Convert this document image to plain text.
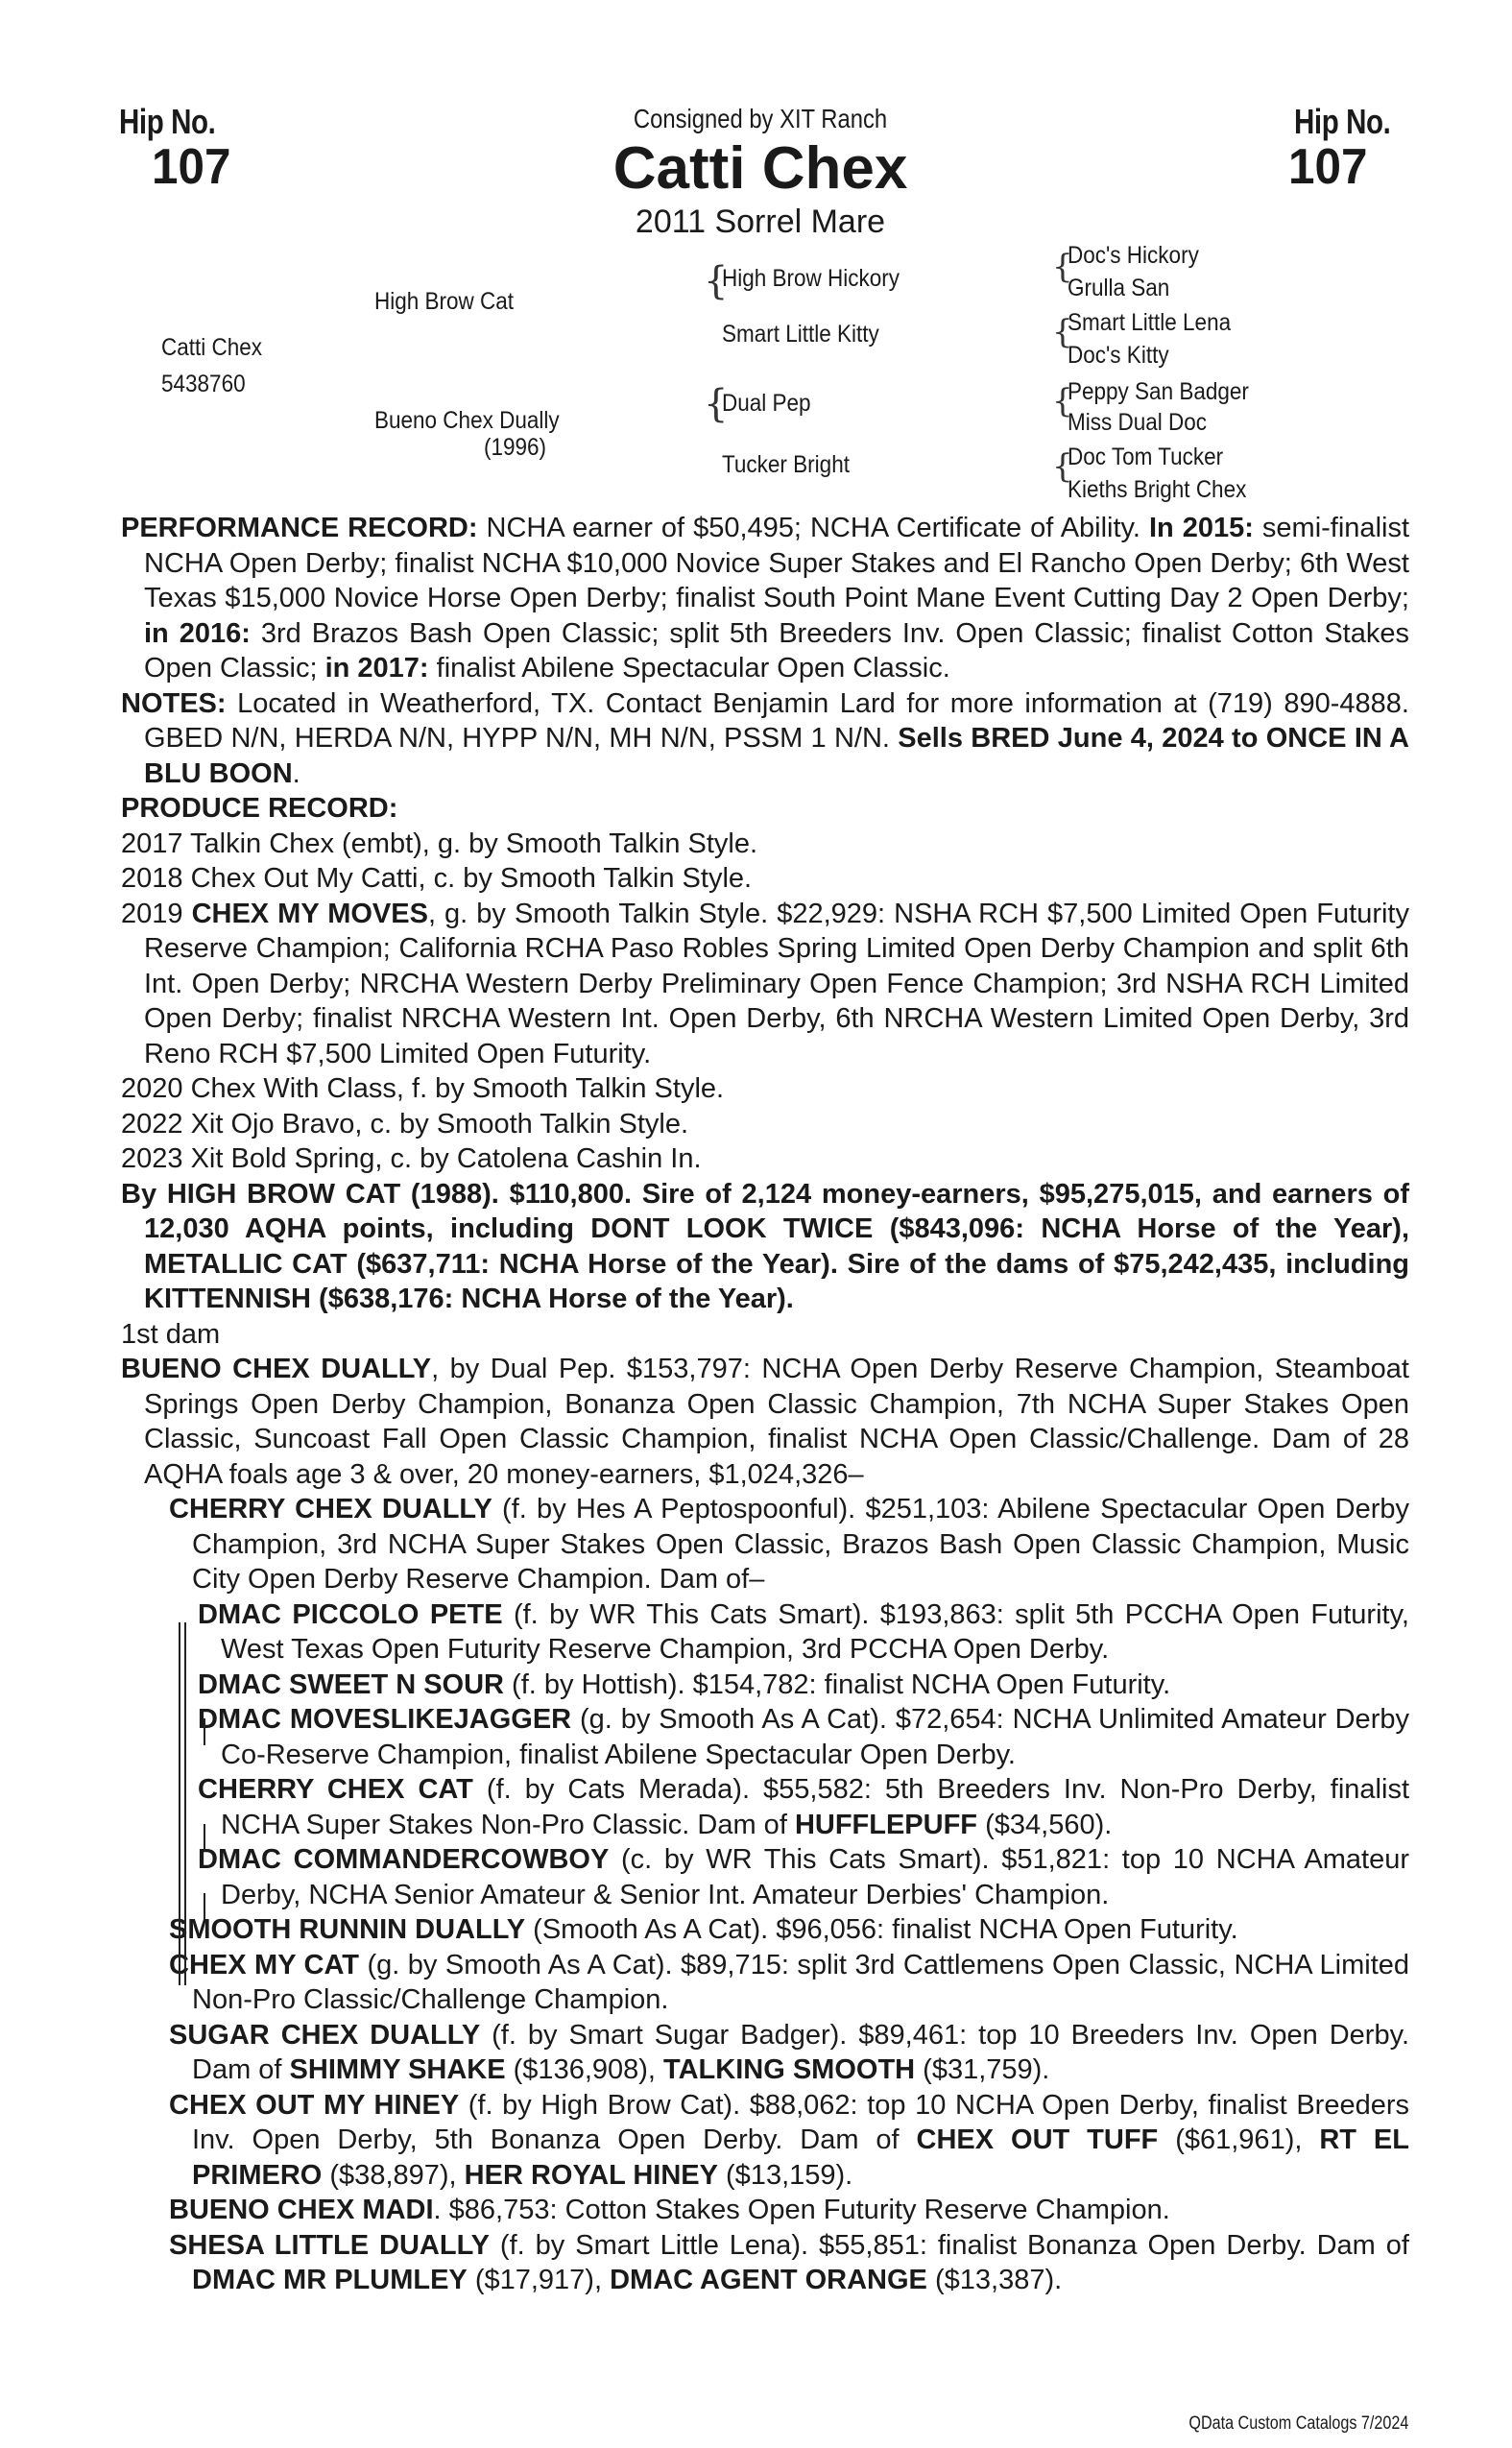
Hip No.
107
Hip No.
107
Consigned by XIT Ranch
Catti Chex
2011 Sorrel Mare
Catti Chex
5438760
High Brow Cat
Bueno Chex Dually
(1996)
{
High Brow Hickory
Smart Little Kitty
{
Dual Pep
Tucker Bright
{
Doc's Hickory
Grulla San
{
Smart Little Lena
Doc's Kitty
{
Peppy San Badger
Miss Dual Doc
{
Doc Tom Tucker
Kieths Bright Chex

PERFORMANCE RECORD: NCHA earner of $50,495; NCHA Certificate of Ability. In 2015: semi-finalist NCHA Open Derby; finalist NCHA $10,000 Novice Super Stakes and El Rancho Open Derby; 6th West Texas $15,000 Novice Horse Open Derby; finalist South Point Mane Event Cutting Day 2 Open Derby; in 2016: 3rd Brazos Bash Open Classic; split 5th Breeders Inv. Open Classic; finalist Cotton Stakes Open Classic; in 2017: finalist Abilene Spectacular Open Classic.

NOTES: Located in Weatherford, TX. Contact Benjamin Lard for more information at (719) 890-4888. GBED N/N, HERDA N/N, HYPP N/N, MH N/N, PSSM 1 N/N. Sells BRED June 4, 2024 to ONCE IN A BLU BOON.

PRODUCE RECORD:

2017 Talkin Chex (embt), g. by Smooth Talkin Style.

2018 Chex Out My Catti, c. by Smooth Talkin Style.

2019 CHEX MY MOVES, g. by Smooth Talkin Style. $22,929: NSHA RCH $7,500 Limited Open Futurity Reserve Champion; California RCHA Paso Robles Spring Limited Open Derby Champion and split 6th Int. Open Derby; NRCHA Western Derby Preliminary Open Fence Champion; 3rd NSHA RCH Limited Open Derby; finalist NRCHA Western Int. Open Derby, 6th NRCHA Western Limited Open Derby, 3rd Reno RCH $7,500 Limited Open Futurity.

2020 Chex With Class, f. by Smooth Talkin Style.

2022 Xit Ojo Bravo, c. by Smooth Talkin Style.

2023 Xit Bold Spring, c. by Catolena Cashin In.

By HIGH BROW CAT (1988). $110,800. Sire of 2,124 money-earners, $95,275,015, and earners of 12,030 AQHA points, including DONT LOOK TWICE ($843,096: NCHA Horse of the Year), METALLIC CAT ($637,711: NCHA Horse of the Year). Sire of the dams of $75,242,435, including KITTENNISH ($638,176: NCHA Horse of the Year).

1st dam

BUENO CHEX DUALLY, by Dual Pep. $153,797: NCHA Open Derby Reserve Champion, Steamboat Springs Open Derby Champion, Bonanza Open Classic Champion, 7th NCHA Super Stakes Open Classic, Suncoast Fall Open Classic Champion, finalist NCHA Open Classic/Challenge. Dam of 28 AQHA foals age 3 & over, 20 money-earners, $1,024,326–

CHERRY CHEX DUALLY (f. by Hes A Peptospoonful). $251,103: Abilene Spectacular Open Derby Champion, 3rd NCHA Super Stakes Open Classic, Brazos Bash Open Classic Champion, Music City Open Derby Reserve Champion. Dam of–

DMAC PICCOLO PETE (f. by WR This Cats Smart). $193,863: split 5th PCCHA Open Futurity, West Texas Open Futurity Reserve Champion, 3rd PCCHA Open Derby.

DMAC SWEET N SOUR (f. by Hottish). $154,782: finalist NCHA Open Futurity.

DMAC MOVESLIKEJAGGER (g. by Smooth As A Cat). $72,654: NCHA Unlimited Amateur Derby Co-Reserve Champion, finalist Abilene Spectacular Open Derby.

CHERRY CHEX CAT (f. by Cats Merada). $55,582: 5th Breeders Inv. Non-Pro Derby, finalist NCHA Super Stakes Non-Pro Classic. Dam of HUFFLEPUFF ($34,560).

DMAC COMMANDERCOWBOY (c. by WR This Cats Smart). $51,821: top 10 NCHA Amateur Derby, NCHA Senior Amateur & Senior Int. Amateur Derbies' Champion.

SMOOTH RUNNIN DUALLY (Smooth As A Cat). $96,056: finalist NCHA Open Futurity.

CHEX MY CAT (g. by Smooth As A Cat). $89,715: split 3rd Cattlemens Open Classic, NCHA Limited Non-Pro Classic/Challenge Champion.

SUGAR CHEX DUALLY (f. by Smart Sugar Badger). $89,461: top 10 Breeders Inv. Open Derby. Dam of SHIMMY SHAKE ($136,908), TALKING SMOOTH ($31,759).

CHEX OUT MY HINEY (f. by High Brow Cat). $88,062: top 10 NCHA Open Derby, finalist Breeders Inv. Open Derby, 5th Bonanza Open Derby. Dam of CHEX OUT TUFF ($61,961), RT EL PRIMERO ($38,897), HER ROYAL HINEY ($13,159).

BUENO CHEX MADI. $86,753: Cotton Stakes Open Futurity Reserve Champion.

SHESA LITTLE DUALLY (f. by Smart Little Lena). $55,851: finalist Bonanza Open Derby. Dam of DMAC MR PLUMLEY ($17,917), DMAC AGENT ORANGE ($13,387).

QData Custom Catalogs 7/2024
